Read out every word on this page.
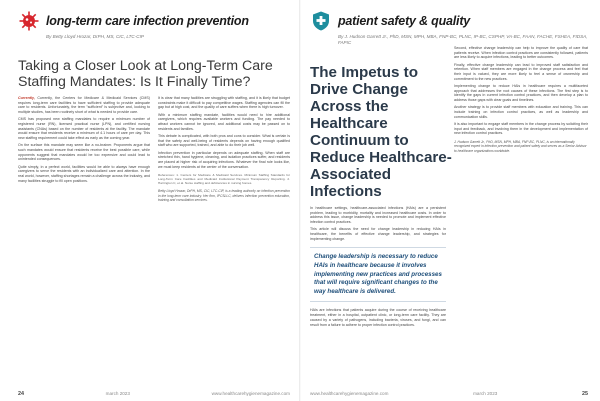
long-term care infection prevention
By Betty Lloyd Hrozar, DrPH, MS, CIC, LTC-CIP
Taking a Closer Look at Long-Term Care Staffing Mandates: Is It Finally Time?

Currently, Currently, the Centers for Medicare & Medicaid Services (CMS) requires long-term care facilities to have sufficient staffing to provide adequate care to residents. Unfortunately, the term "sufficient" is subjective and, looking to multiple studies, has been routinely short of what is needed to provide care.

CMS has proposed new staffing mandates to require a minimum number of registered nurse (RN), licensed practical nurse (LPN), and certified nursing assistants (CNAs) based on the number of residents at the facility. The mandate would ensure that residents receive a minimum of 4.1 hours of care per day. This new staffing requirement could take effect as early as the coming year.

On the surface this mandate may seem like a no-brainer. Proponents argue that such mandates would ensure that residents receive the best possible care, while opponents suggest that mandates would be too expensive and could lead to unintended consequences.

Quite simply, in a perfect world, facilities would be able to always have enough caregivers to serve the residents with an individualized care and attention. In the real world, however, staffing shortages remain a challenge across the industry, and many facilities struggle to fill open positions.

It is clear that many facilities are struggling with staffing, and it is likely that budget constraints make it difficult to pay competitive wages. Staffing agencies can fill the gap but at high cost, and the quality of care suffers when there is high turnover.

With a minimum staffing mandate, facilities would need to hire additional caregivers, which requires available workers and funding. The pay needed to attract workers cannot be ignored, and additional costs may be passed on to residents and families.

This debate is complicated, with both pros and cons to consider. What is certain is that the safety and well-being of residents depends on having enough qualified staff who are supported, trained, and able to do their job well.

Infection prevention in particular depends on adequate staffing. When staff are stretched thin, hand hygiene, cleaning, and isolation practices suffer, and residents are placed at higher risk of acquiring infections. Whatever the final rule looks like, we must keep residents at the center of the conversation.

References: 1. Centers for Medicare & Medicaid Services. Minimum Staffing Standards for Long-Term Care Facilities and Medicaid Institutional Payment Transparency Reporting. 2. Harrington C, et al. Nurse staffing and deficiencies in nursing homes.
Betty Lloyd Hrozar, DrPH, MS, CIC, LTC-CIP, is a leading authority on infection prevention in the long-term care industry. Her firm, IPCSLLC, delivers infection prevention education, training and consultation services.
patient safety & quality
By J. Hudson Garrett Jr., PhD, MSN, MPH, MBA, FNP-BC, PLNC, IP-BC, CSPHP, VA-BC, FAAN, FACHE, FSHEA, FIDSA, FAPIC
The Impetus to Drive Change Across the Healthcare Continuum to Reduce Healthcare-Associated Infections

In healthcare settings, healthcare-associated infections (HAIs) are a persistent problem, leading to morbidity, mortality and increased healthcare costs. In order to address this issue, change leadership is needed to promote and implement effective infection control practices.

This article will discuss the need for change leadership in reducing HAIs in healthcare, the benefits of effective change leadership, and strategies for implementing change.

Change leadership is necessary to reduce HAIs in healthcare because it involves implementing new practices and processes that will require significant changes to the way healthcare is delivered.

HAIs are infections that patients acquire during the course of receiving healthcare treatment, either in a hospital, outpatient clinic, or long-term care facility. They are caused by a variety of pathogens, including bacteria, viruses, and fungi, and can result from a failure to adhere to proper infection control practices.

Second, effective change leadership can help to improve the quality of care that patients receive. When infection control practices are consistently followed, patients are less likely to acquire infections, leading to better outcomes.

Finally, effective change leadership can lead to improved staff satisfaction and retention. When staff members are engaged in the change process and feel that their input is valued, they are more likely to feel a sense of ownership and commitment to the new practices.

Implementing change to reduce HAIs in healthcare requires a multifaceted approach that addresses the root causes of these infections. The first step is to identify the gaps in current infection control practices, and then develop a plan to address those gaps with clear goals and timelines.

Another strategy is to provide staff members with education and training. This can include training on infection control practices, as well as leadership and communication skills.

It is also important to engage staff members in the change process by soliciting their input and feedback, and involving them in the development and implementation of new infection control practices.

J. Hudson Garrett Jr., PhD, MSN, MPH, MBA, FNP-BC, PLNC, is an internationally recognized expert in infection prevention and patient safety and serves as a Senior Advisor to healthcare organizations worldwide.
24	march 2023	www.healthcarehygienemagazine.com	www.healthcarehygienemagazine.com	march 2023	25
